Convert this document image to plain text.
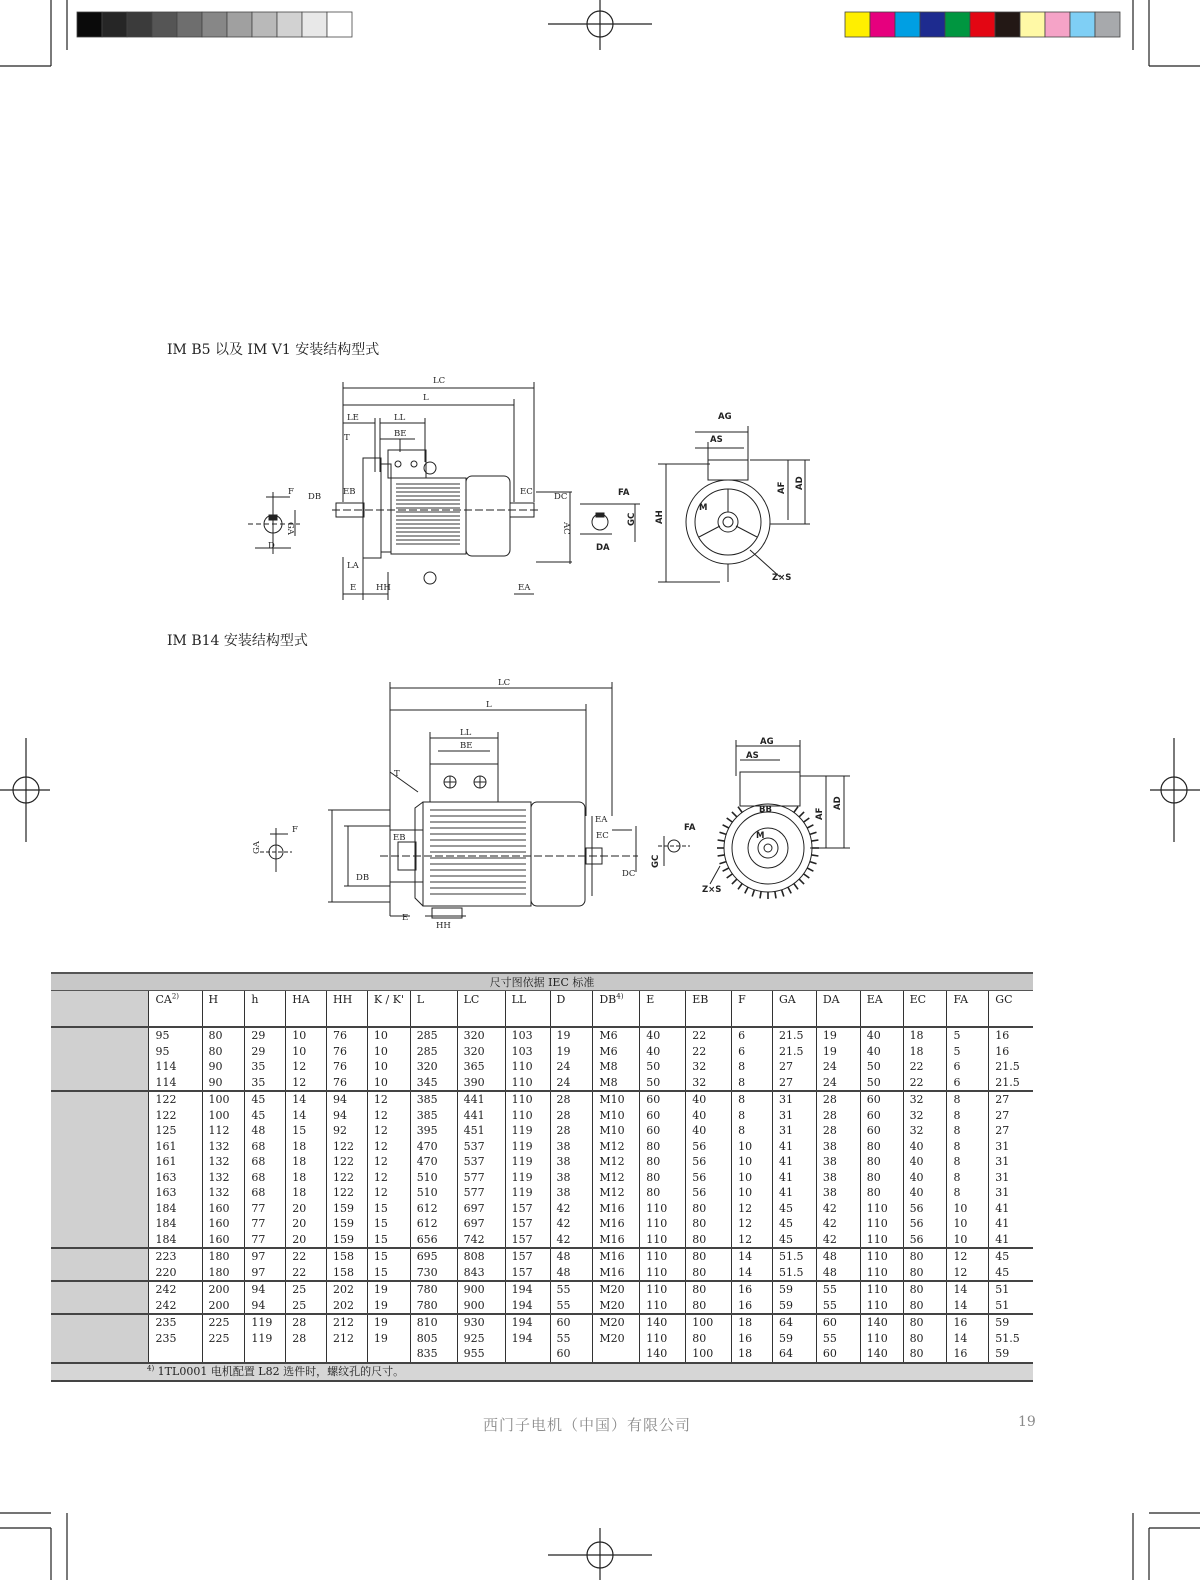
IM B5 以及 IM V1 安装结构型式
LC
L
LE	LL
T	BE
F DB	EB	EC	DC
GA
D
LA
E HH	EA
AC
FA
GC
DA
AG
AS
AD
AF
AH
M
Z×S
IM B14 安装结构型式
LC
L
LL
BE
T
F
GA
EB
DB
E
HH
EA
EC
DC
FA
GC
AG
AS
AD
AF
BB
M
Z×S
尺寸图依据 IEC 标准																				
	CA$^{2)}$	H	h	HA	HH	K / K'	L	LC	LL	D	DB$^{4)}$	E	EB	F	GA	DA	EA	EC	FA	GC
	95	80	29	10	76	10	285	320	103	19	M6	40	22	6	21.5	19	40	18	5	16
	95	80	29	10	76	10	285	320	103	19	M6	40	22	6	21.5	19	40	18	5	16
	114	90	35	12	76	10	320	365	110	24	M8	50	32	8	27	24	50	22	6	21.5
	114	90	35	12	76	10	345	390	110	24	M8	50	32	8	27	24	50	22	6	21.5
	122	100	45	14	94	12	385	441	110	28	M10	60	40	8	31	28	60	32	8	27
	122	100	45	14	94	12	385	441	110	28	M10	60	40	8	31	28	60	32	8	27
	125	112	48	15	92	12	395	451	119	28	M10	60	40	8	31	28	60	32	8	27
	161	132	68	18	122	12	470	537	119	38	M12	80	56	10	41	38	80	40	8	31
	161	132	68	18	122	12	470	537	119	38	M12	80	56	10	41	38	80	40	8	31
	163	132	68	18	122	12	510	577	119	38	M12	80	56	10	41	38	80	40	8	31
	163	132	68	18	122	12	510	577	119	38	M12	80	56	10	41	38	80	40	8	31
	184	160	77	20	159	15	612	697	157	42	M16	110	80	12	45	42	110	56	10	41
	184	160	77	20	159	15	612	697	157	42	M16	110	80	12	45	42	110	56	10	41
	184	160	77	20	159	15	656	742	157	42	M16	110	80	12	45	42	110	56	10	41
	223	180	97	22	158	15	695	808	157	48	M16	110	80	14	51.5	48	110	80	12	45
	220	180	97	22	158	15	730	843	157	48	M16	110	80	14	51.5	48	110	80	12	45
	242	200	94	25	202	19	780	900	194	55	M20	110	80	16	59	55	110	80	14	51
	242	200	94	25	202	19	780	900	194	55	M20	110	80	16	59	55	110	80	14	51
	235	225	119	28	212	19	810	930	194	60	M20	140	100	18	64	60	140	80	16	59
	235	225	119	28	212	19	805	925	194	55	M20	110	80	16	59	55	110	80	14	51.5
							835	955		60		140	100	18	64	60	140	80	16	59
$^{4)}$ 1TL0001 电机配置 L82 选件时，螺纹孔的尺寸。																				
西门子电机（中国）有限公司	19
